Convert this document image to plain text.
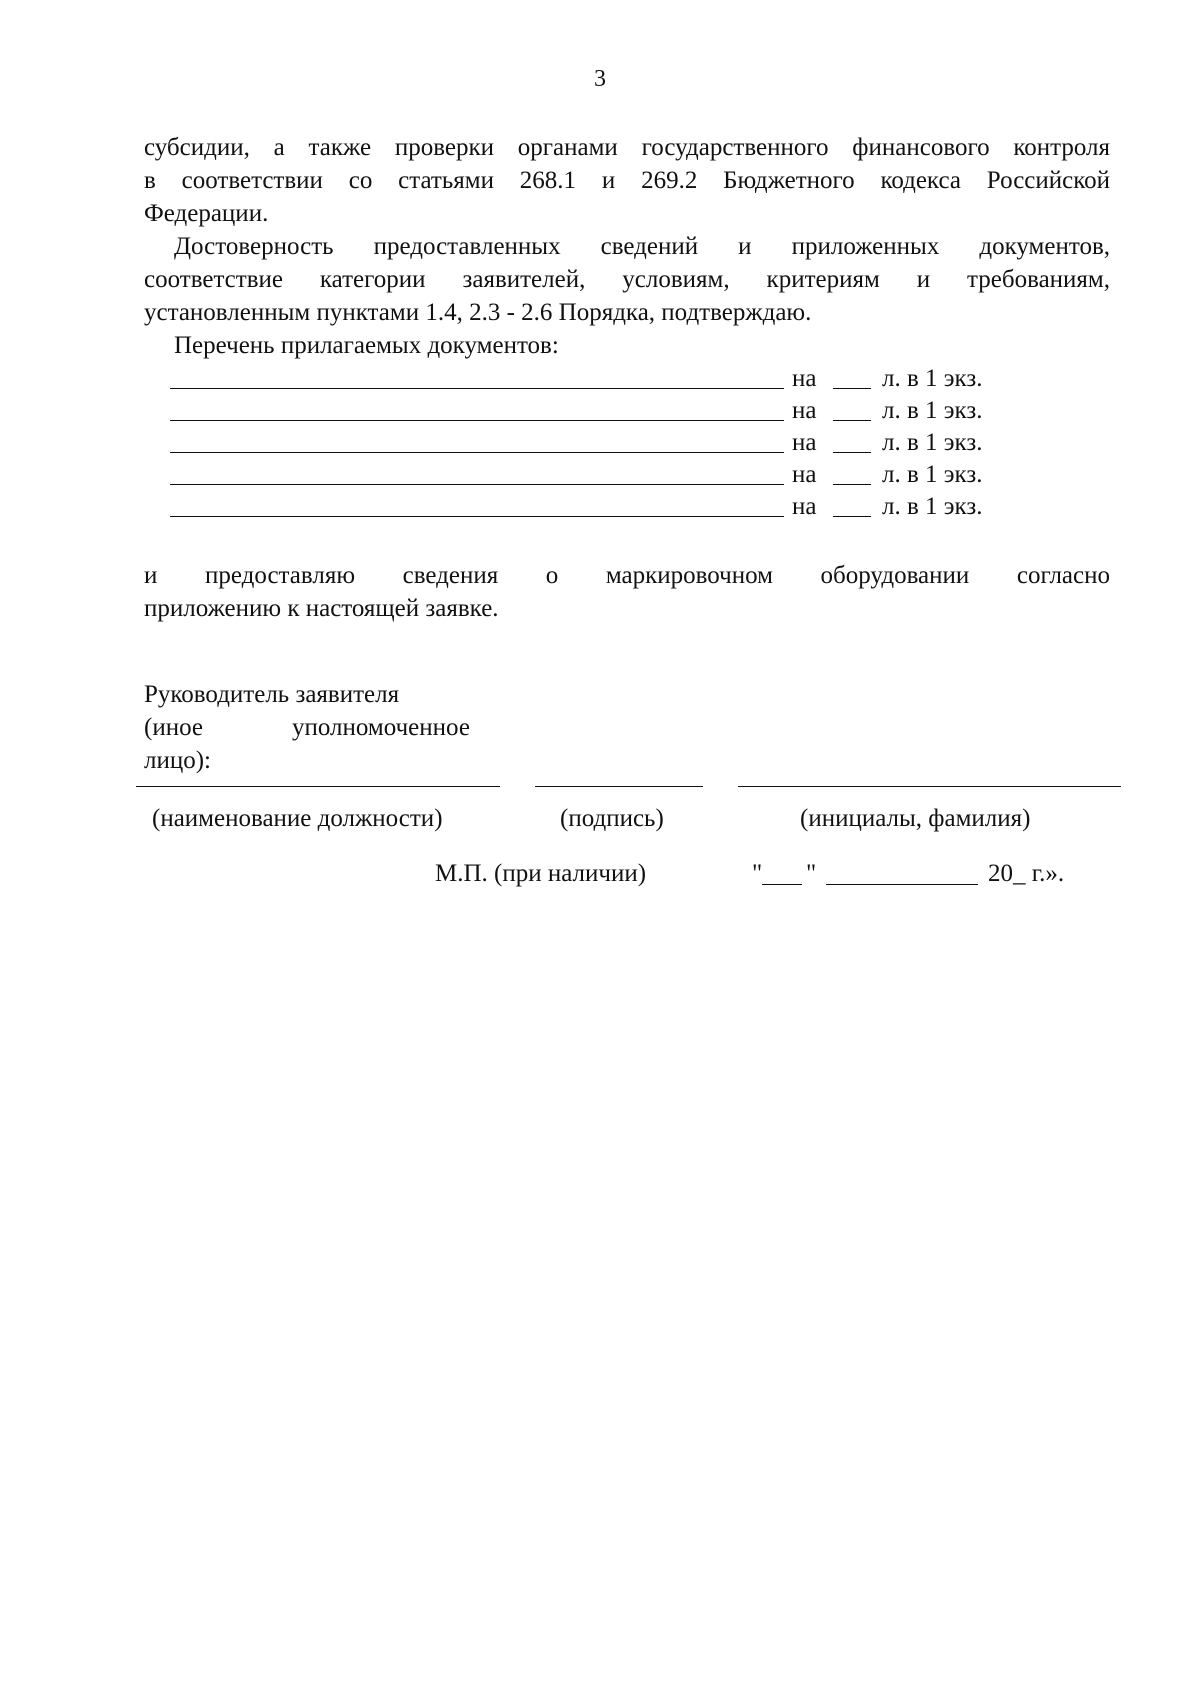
3
субсидии, а также проверки органами государственного финансового контроля
в соответствии со статьями 268.1 и 269.2 Бюджетного кодекса Российской
Федерации.
Достоверность предоставленных сведений и приложенных документов,
соответствие категории заявителей, условиям, критериям и требованиям,
установленным пунктами 1.4, 2.3 - 2.6 Порядка, подтверждаю.
Перечень прилагаемых документов:
на	л. в 1 экз.
на	л. в 1 экз.
на	л. в 1 экз.
на	л. в 1 экз.
на	л. в 1 экз.
и предоставляю сведения о маркировочном оборудовании согласно
приложению к настоящей заявке.
Руководитель заявителя
(иное	уполномоченное
лицо):
(наименование должности)	(подпись)	(инициалы, фамилия)
М.П. (при наличии)	" "	20_ г.».
